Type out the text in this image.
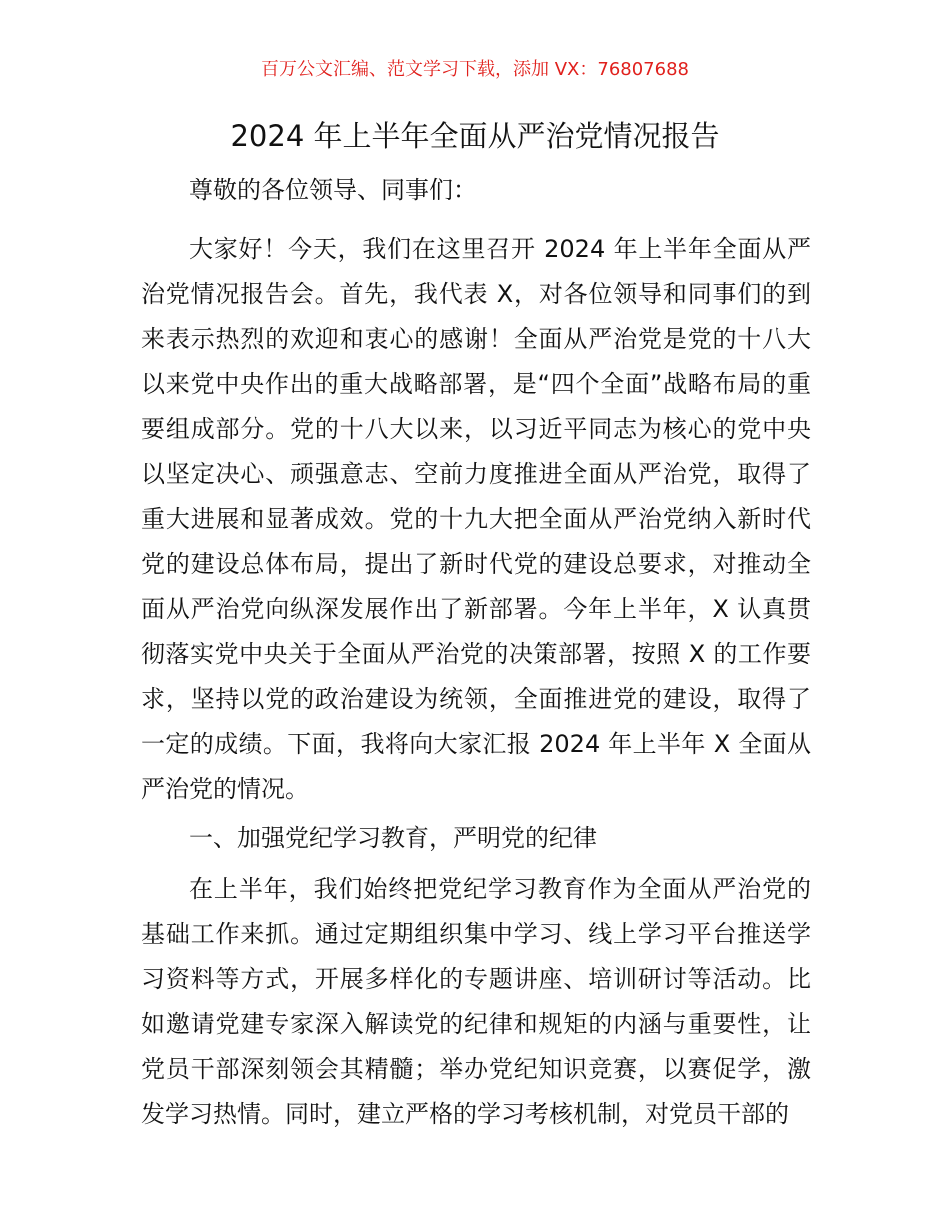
百万公文汇编、范文学习下载，添加 VX：76807688
2024 年上半年全面从严治党情况报告

尊敬的各位领导、同事们：

大家好！今天，我们在这里召开 2024 年上半年全面从严治党情况报告会。首先，我代表 X，对各位领导和同事们的到来表示热烈的欢迎和衷心的感谢！全面从严治党是党的十八大以来党中央作出的重大战略部署，是“四个全面”战略布局的重要组成部分。党的十八大以来，以习近平同志为核心的党中央以坚定决心、顽强意志、空前力度推进全面从严治党，取得了重大进展和显著成效。党的十九大把全面从严治党纳入新时代党的建设总体布局，提出了新时代党的建设总要求，对推动全面从严治党向纵深发展作出了新部署。今年上半年，X 认真贯彻落实党中央关于全面从严治党的决策部署，按照 X 的工作要求，坚持以党的政治建设为统领，全面推进党的建设，取得了一定的成绩。下面，我将向大家汇报 2024 年上半年 X 全面从严治党的情况。

一、加强党纪学习教育，严明党的纪律

在上半年，我们始终把党纪学习教育作为全面从严治党的基础工作来抓。通过定期组织集中学习、线上学习平台推送学习资料等方式，开展多样化的专题讲座、培训研讨等活动。比如邀请党建专家深入解读党的纪律和规矩的内涵与重要性，让党员干部深刻领会其精髓；举办党纪知识竞赛，以赛促学，激发学习热情。同时，建立严格的学习考核机制，对党员干部的
